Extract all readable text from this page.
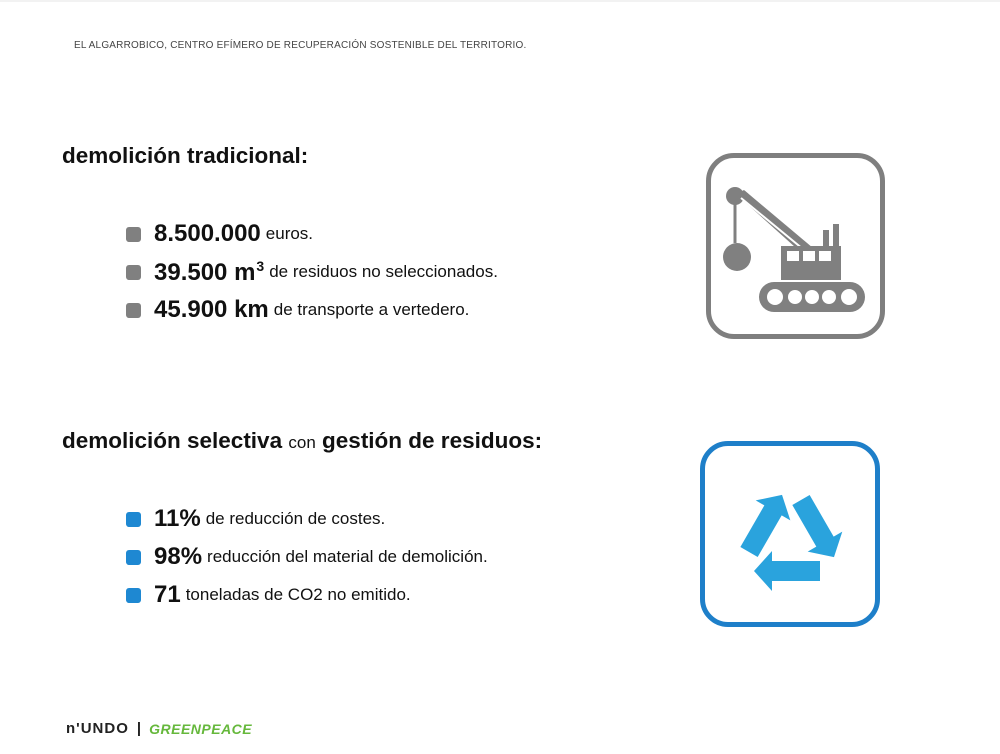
EL ALGARROBICO, CENTRO EFÍMERO DE RECUPERACIÓN SOSTENIBLE DEL TERRITORIO.
demolición tradicional:
8.500.000 euros.
39.500 $m^3$ de residuos no seleccionados.
45.900 km de transporte a vertedero.
demolición selectiva con gestión de residuos:
11% de reducción de costes.
98% reducción del material de demolición.
71 toneladas de CO2 no emitido.
n'UNDO | GREENPEACE
